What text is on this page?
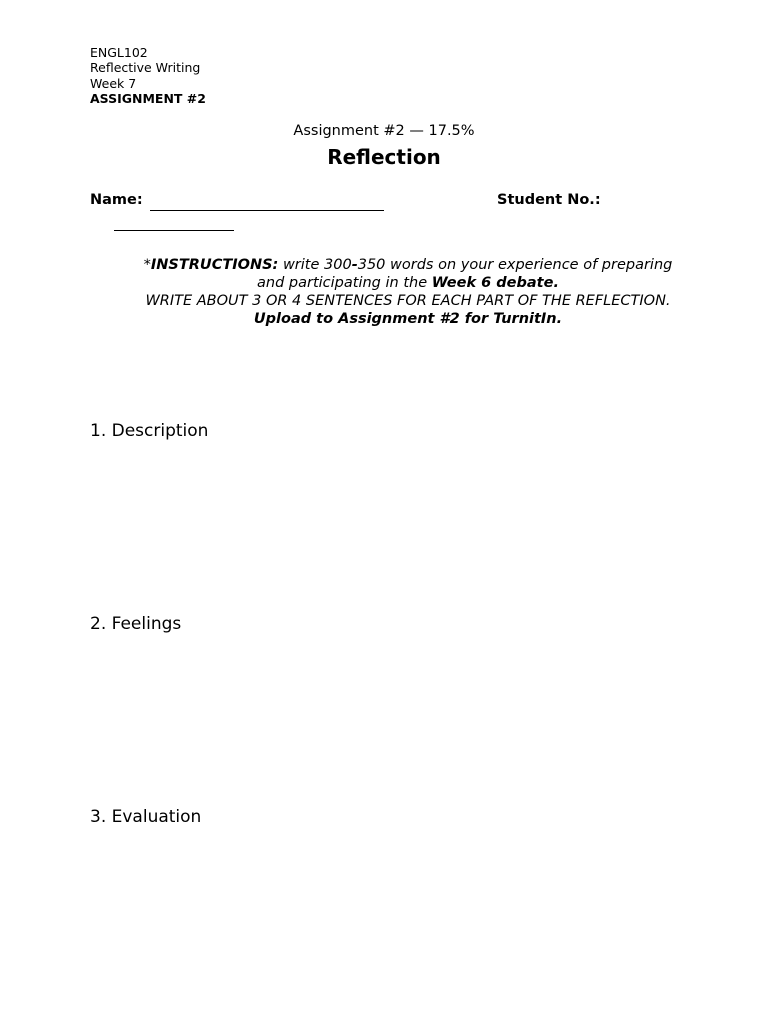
ENGL102
Reflective Writing
Week 7
ASSIGNMENT #2
Assignment #2 — 17.5%
Reflection
Name:	Student No.:
*INSTRUCTIONS: write 300-350 words on your experience of preparing and participating in the Week 6 debate.
WRITE ABOUT 3 OR 4 SENTENCES FOR EACH PART OF THE REFLECTION.
Upload to Assignment #2 for TurnitIn.
1. Description
2. Feelings
3. Evaluation
